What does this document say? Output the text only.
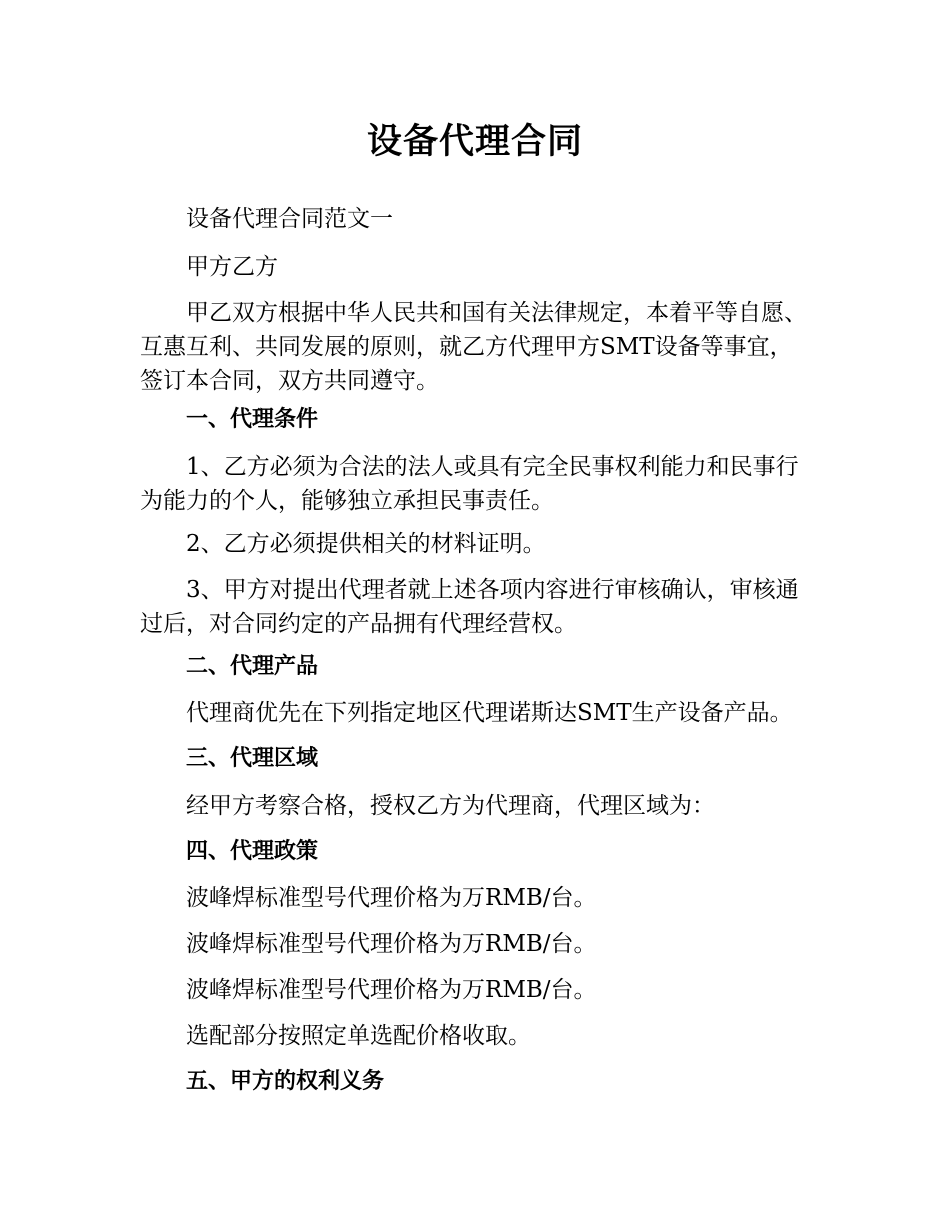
设备代理合同

设备代理合同范文一

甲方乙方

甲乙双方根据中华人民共和国有关法律规定，本着平等自愿、互惠互利、共同发展的原则，就乙方代理甲方SMT设备等事宜，签订本合同，双方共同遵守。

一、代理条件

1、乙方必须为合法的法人或具有完全民事权利能力和民事行为能力的个人，能够独立承担民事责任。

2、乙方必须提供相关的材料证明。

3、甲方对提出代理者就上述各项内容进行审核确认，审核通过后，对合同约定的产品拥有代理经营权。

二、代理产品

代理商优先在下列指定地区代理诺斯达SMT生产设备产品。

三、代理区域

经甲方考察合格，授权乙方为代理商，代理区域为：

四、代理政策

波峰焊标准型号代理价格为万RMB/台。

波峰焊标准型号代理价格为万RMB/台。

波峰焊标准型号代理价格为万RMB/台。

选配部分按照定单选配价格收取。

五、甲方的权利义务
